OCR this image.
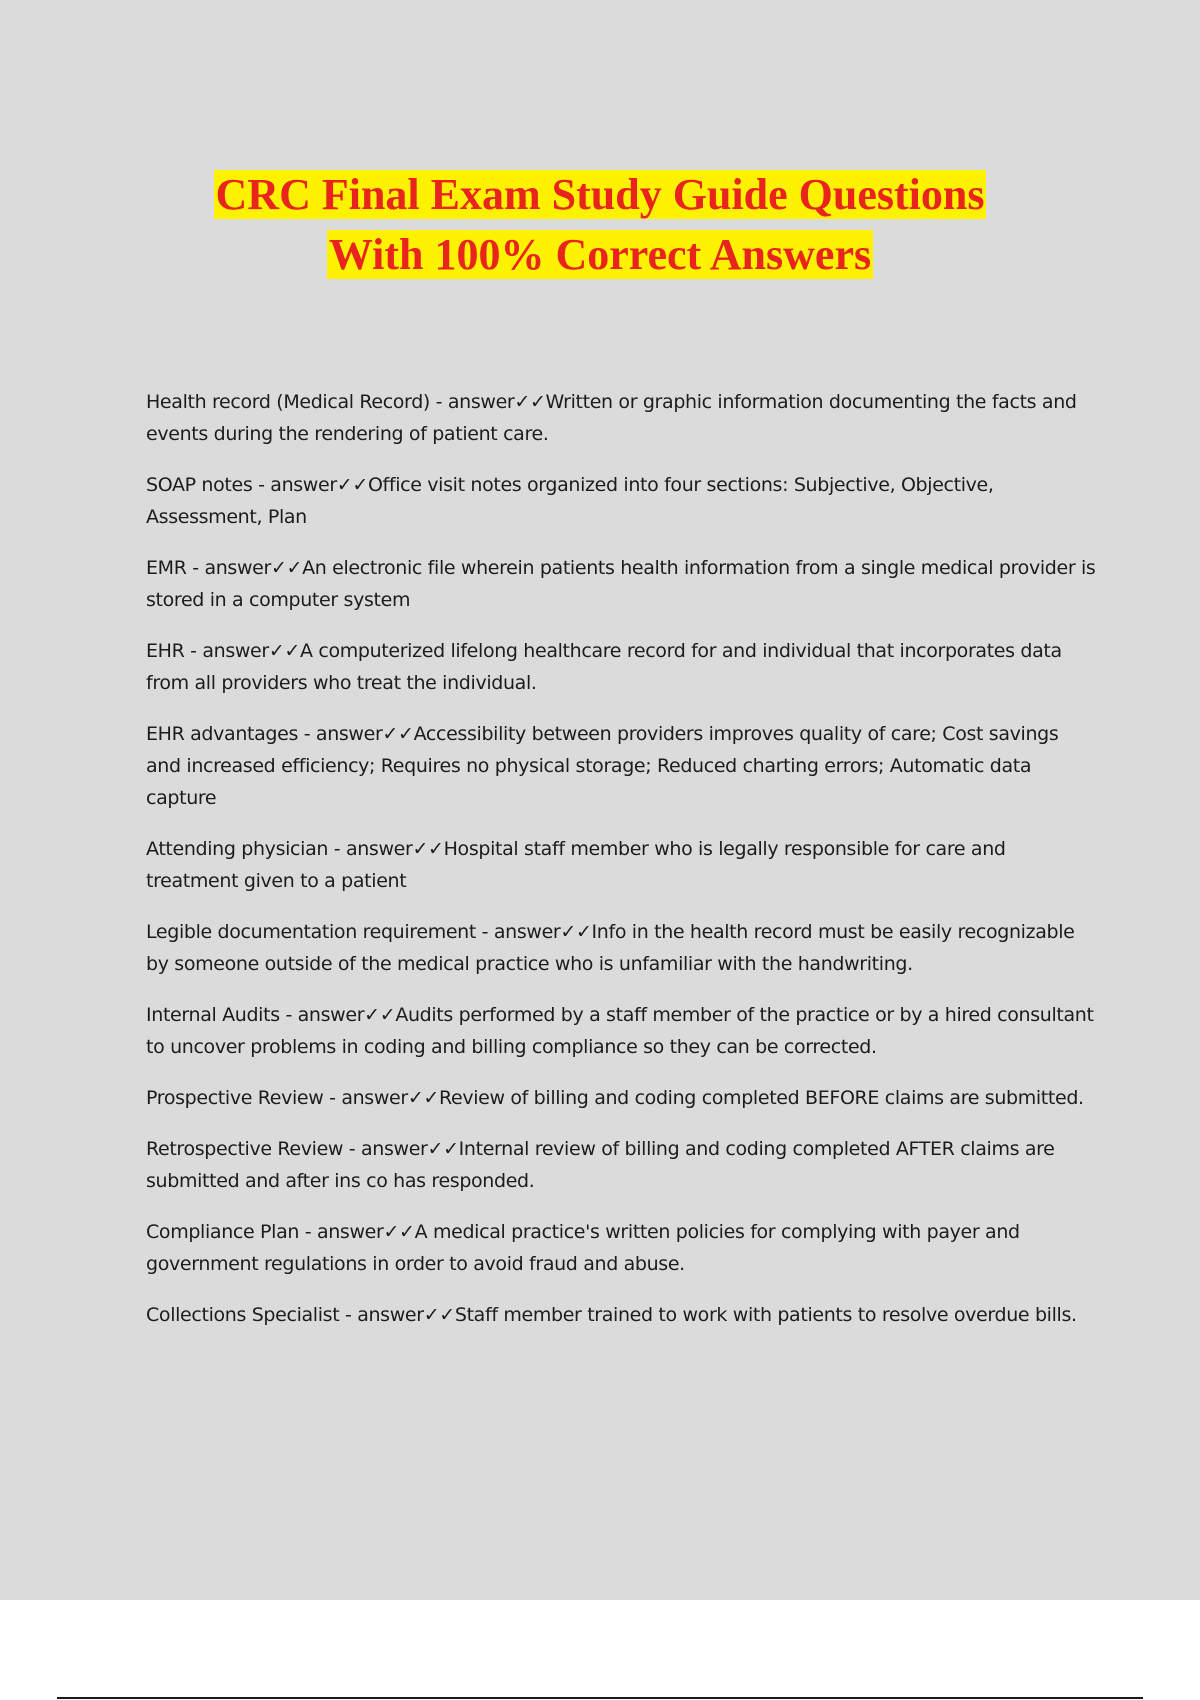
CRC Final Exam Study Guide Questions
With 100% Correct Answers
Health record (Medical Record) - answer✓✓Written or graphic information documenting the facts and events during the rendering of patient care.
SOAP notes - answer✓✓Office visit notes organized into four sections: Subjective, Objective, Assessment, Plan
EMR - answer✓✓An electronic file wherein patients health information from a single medical provider is stored in a computer system
EHR - answer✓✓A computerized lifelong healthcare record for and individual that incorporates data from all providers who treat the individual.
EHR advantages - answer✓✓Accessibility between providers improves quality of care; Cost savings and increased efficiency; Requires no physical storage; Reduced charting errors; Automatic data capture
Attending physician - answer✓✓Hospital staff member who is legally responsible for care and treatment given to a patient
Legible documentation requirement - answer✓✓Info in the health record must be easily recognizable by someone outside of the medical practice who is unfamiliar with the handwriting.
Internal Audits - answer✓✓Audits performed by a staff member of the practice or by a hired consultant to uncover problems in coding and billing compliance so they can be corrected.
Prospective Review - answer✓✓Review of billing and coding completed BEFORE claims are submitted.
Retrospective Review - answer✓✓Internal review of billing and coding completed AFTER claims are submitted and after ins co has responded.
Compliance Plan - answer✓✓A medical practice's written policies for complying with payer and government regulations in order to avoid fraud and abuse.
Collections Specialist - answer✓✓Staff member trained to work with patients to resolve overdue bills.
